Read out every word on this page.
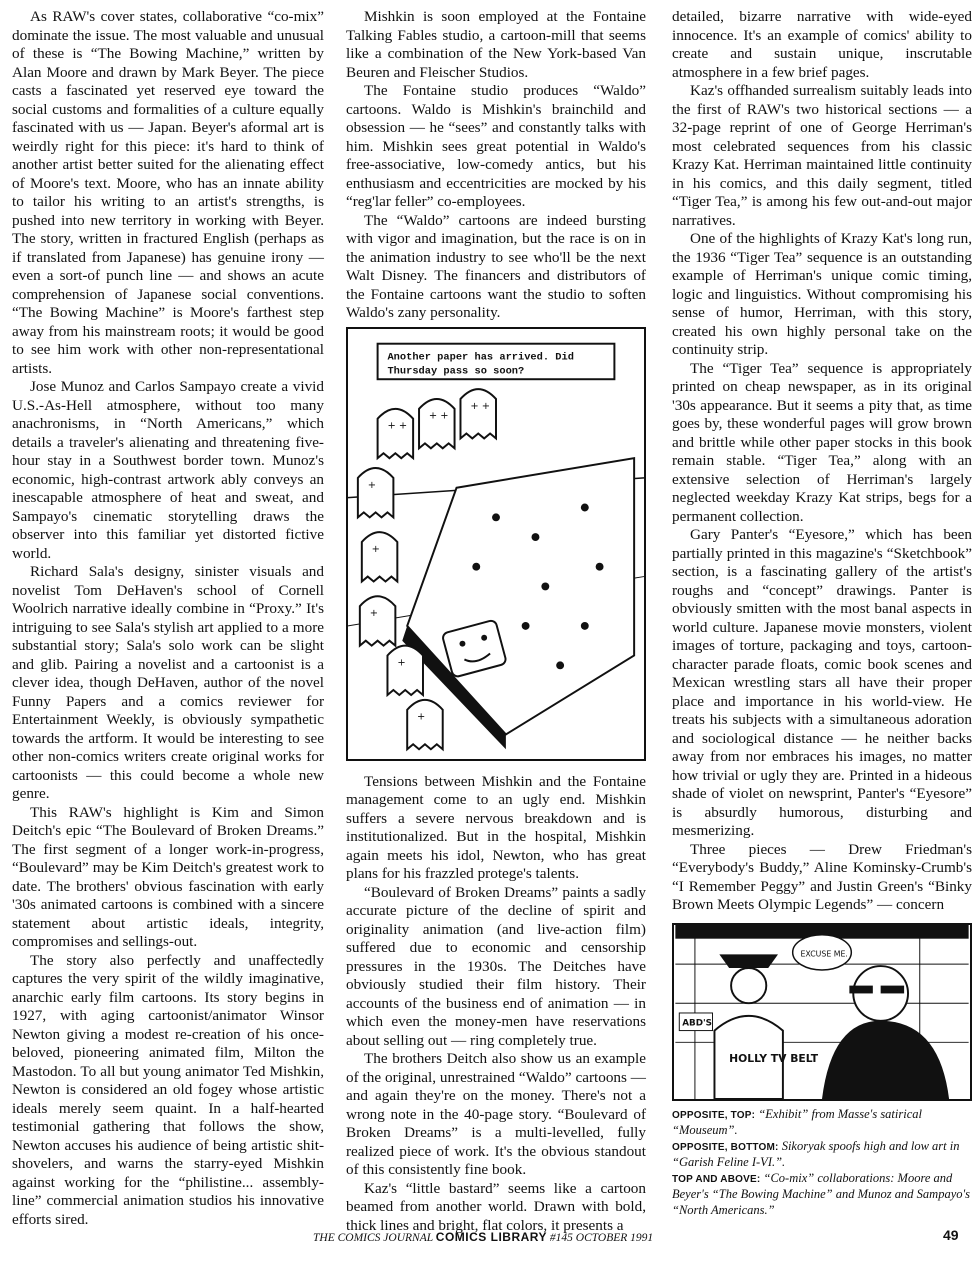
As RAW's cover states, collaborative “co-mix” dominate the issue. The most valuable and unusual of these is “The Bowing Machine,” written by Alan Moore and drawn by Mark Beyer. The piece casts a fascinated yet reserved eye toward the social customs and formalities of a culture equally fascinated with us — Japan. Beyer's aformal art is weirdly right for this piece: it's hard to think of another artist better suited for the alienating effect of Moore's text. Moore, who has an innate ability to tailor his writing to an artist's strengths, is pushed into new territory in working with Beyer. The story, written in fractured English (perhaps as if translated from Japanese) has genuine irony — even a sort-of punch line — and shows an acute comprehension of Japanese social conventions. “The Bowing Machine” is Moore's farthest step away from his mainstream roots; it would be good to see him work with other non-representational artists.

Jose Munoz and Carlos Sampayo create a vivid U.S.-As-Hell atmosphere, without too many anachronisms, in “North Americans,” which details a traveler's alienating and threatening five-hour stay in a Southwest border town. Munoz's economic, high-contrast artwork ably conveys an inescapable atmosphere of heat and sweat, and Sampayo's cinematic storytelling draws the observer into this familiar yet distorted fictive world.

Richard Sala's designy, sinister visuals and novelist Tom DeHaven's school of Cornell Woolrich narrative ideally combine in “Proxy.” It's intriguing to see Sala's stylish art applied to a more substantial story; Sala's solo work can be slight and glib. Pairing a novelist and a cartoonist is a clever idea, though DeHaven, author of the novel Funny Papers and a comics reviewer for Entertainment Weekly, is obviously sympathetic towards the artform. It would be interesting to see other non-comics writers create original works for cartoonists — this could become a whole new genre.

This RAW's highlight is Kim and Simon Deitch's epic “The Boulevard of Broken Dreams.” The first segment of a longer work-in-progress, “Boulevard” may be Kim Deitch's greatest work to date. The brothers' obvious fascination with early '30s animated cartoons is combined with a sincere statement about artistic ideals, integrity, compromises and sellings-out.

The story also perfectly and unaffectedly captures the very spirit of the wildly imaginative, anarchic early film cartoons. Its story begins in 1927, with aging cartoonist/animator Winsor Newton giving a modest re-creation of his once-beloved, pioneering animated film, Milton the Mastodon. To all but young animator Ted Mishkin, Newton is considered an old fogey whose artistic ideals merely seem quaint. In a half-hearted testimonial gathering that follows the show, Newton accuses his audience of being artistic shit-shovelers, and warns the starry-eyed Mishkin against working for the “philistine... assembly-line” commercial animation studios his innovative efforts sired.

Mishkin is soon employed at the Fontaine Talking Fables studio, a cartoon-mill that seems like a combination of the New York-based Van Beuren and Fleischer Studios.

The Fontaine studio produces “Waldo” cartoons. Waldo is Mishkin's brainchild and obsession — he “sees” and constantly talks with him. Mishkin sees great potential in Waldo's free-associative, low-comedy antics, but his enthusiasm and eccentricities are mocked by his “reg'lar feller” co-employees.

The “Waldo” cartoons are indeed bursting with vigor and imagination, but the race is on in the animation industry to see who'll be the next Walt Disney. The financers and distributors of the Fontaine cartoons want the studio to soften Waldo's zany personality.

Another paper has arrived. Did Thursday pass so soon?
+ +
+ +
+ +
+
+
+
+
+

Tensions between Mishkin and the Fontaine management come to an ugly end. Mishkin suffers a severe nervous breakdown and is institutionalized. But in the hospital, Mishkin again meets his idol, Newton, who has great plans for his frazzled protege's talents.

“Boulevard of Broken Dreams” paints a sadly accurate picture of the decline of spirit and originality animation (and live-action film) suffered due to economic and censorship pressures in the 1930s. The Deitches have obviously studied their film history. Their accounts of the business end of animation — in which even the money-men have reservations about selling out — ring completely true.

The brothers Deitch also show us an example of the original, unrestrained “Waldo” cartoons — and again they're on the money. There's not a wrong note in the 40-page story. “Boulevard of Broken Dreams” is a multi-levelled, fully realized piece of work. It's the obvious standout of this consistently fine book.

Kaz's “little bastard” seems like a cartoon beamed from another world. Drawn with bold, thick lines and bright, flat colors, it presents a

detailed, bizarre narrative with wide-eyed innocence. It's an example of comics' ability to create and sustain unique, inscrutable atmosphere in a few brief pages.

Kaz's offhanded surrealism suitably leads into the first of RAW's two historical sections — a 32-page reprint of one of George Herriman's most celebrated sequences from his classic Krazy Kat. Herriman maintained little continuity in his comics, and this daily segment, titled “Tiger Tea,” is among his few out-and-out major narratives.

One of the highlights of Krazy Kat's long run, the 1936 “Tiger Tea” sequence is an outstanding example of Herriman's unique comic timing, logic and linguistics. Without compromising his sense of humor, Herriman, with this story, created his own highly personal take on the continuity strip.

The “Tiger Tea” sequence is appropriately printed on cheap newspaper, as in its original '30s appearance. But it seems a pity that, as time goes by, these wonderful pages will grow brown and brittle while other paper stocks in this book remain stable. “Tiger Tea,” along with an extensive selection of Herriman's largely neglected weekday Krazy Kat strips, begs for a permanent collection.

Gary Panter's “Eyesore,” which has been partially printed in this magazine's “Sketchbook” section, is a fascinating gallery of the artist's roughs and “concept” drawings. Panter is obviously smitten with the most banal aspects in world culture. Japanese movie monsters, violent images of torture, packaging and toys, cartoon-character parade floats, comic book scenes and Mexican wrestling stars all have their proper place and importance in his world-view. He treats his subjects with a simultaneous adoration and sociological distance — he neither backs away from nor embraces his images, no matter how trivial or ugly they are. Printed in a hideous shade of violet on newsprint, Panter's “Eyesore” is absurdly humorous, disturbing and mesmerizing.

Three pieces — Drew Friedman's “Everybody's Buddy,” Aline Kominsky-Crumb's “I Remember Peggy” and Justin Green's “Binky Brown Meets Olympic Legends” — concern

HOLLY TV BELT
EXCUSE ME.
ABD'S
OPPOSITE, TOP: “Exhibit” from Masse's satirical “Mouseum”.
OPPOSITE, BOTTOM: Sikoryak spoofs high and low art in “Garish Feline I-VI.”.
TOP AND ABOVE: “Co-mix” collaborations: Moore and Beyer's “The Bowing Machine” and Munoz and Sampayo's “North Americans.”
THE COMICS JOURNAL COMICS LIBRARY #145 OCTOBER 1991	49
